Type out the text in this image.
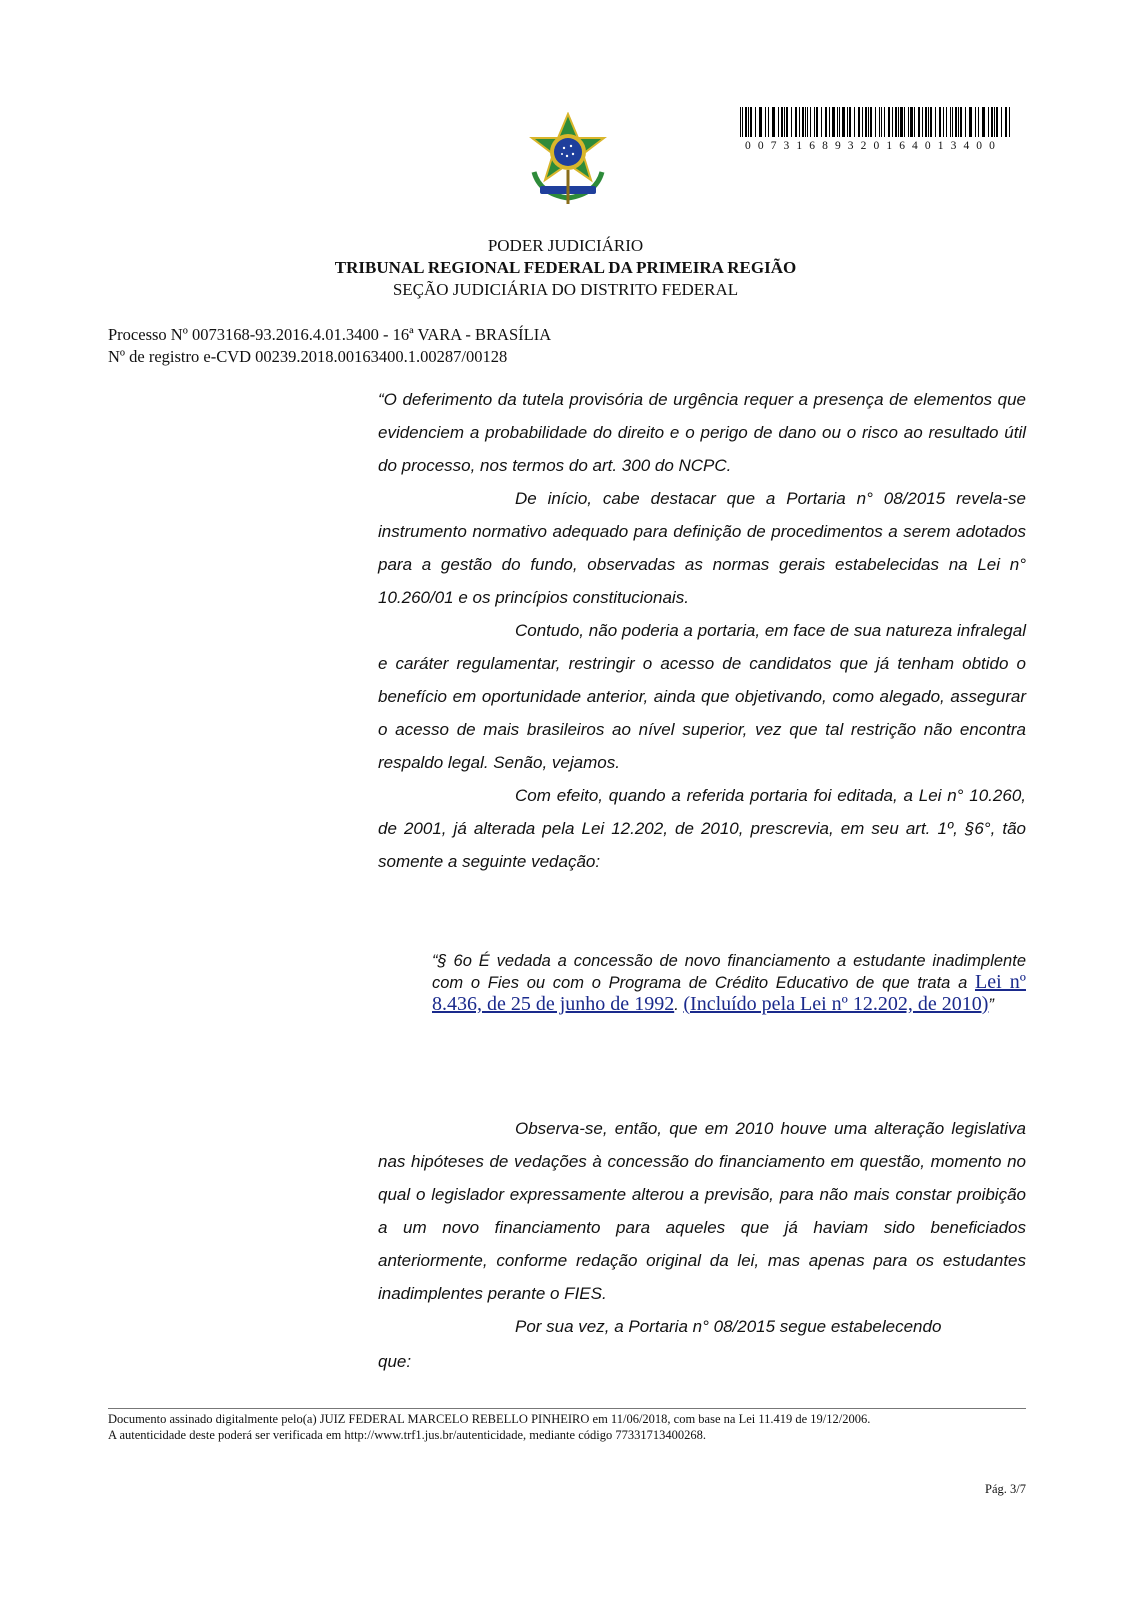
00731689320164013400
PODER JUDICIÁRIO
TRIBUNAL REGIONAL FEDERAL DA PRIMEIRA REGIÃO
SEÇÃO JUDICIÁRIA DO DISTRITO FEDERAL
Processo Nº 0073168-93.2016.4.01.3400 - 16ª VARA - BRASÍLIA
Nº de registro e-CVD 00239.2018.00163400.1.00287/00128

“O deferimento da tutela provisória de urgência requer a presença de elementos que evidenciem a probabilidade do direito e o perigo de dano ou o risco ao resultado útil do processo, nos termos do art. 300 do NCPC.

De início, cabe destacar que a Portaria n° 08/2015 revela-se instrumento normativo adequado para definição de procedimentos a serem adotados para a gestão do fundo, observadas as normas gerais estabelecidas na Lei n° 10.260/01 e os princípios constitucionais.

Contudo, não poderia a portaria, em face de sua natureza infralegal e caráter regulamentar, restringir o acesso de candidatos que já tenham obtido o benefício em oportunidade anterior, ainda que objetivando, como alegado, assegurar o acesso de mais brasileiros ao nível superior, vez que tal restrição não encontra respaldo legal. Senão, vejamos.

Com efeito, quando a referida portaria foi editada, a Lei n° 10.260, de 2001, já alterada pela Lei 12.202, de 2010, prescrevia, em seu art. 1º, §6°, tão somente a seguinte vedação:

“§ 6o É vedada a concessão de novo financiamento a estudante inadimplente com o Fies ou com o Programa de Crédito Educativo de que trata a Lei nº 8.436, de 25 de junho de 1992. (Incluído pela Lei nº 12.202, de 2010)”

Observa-se, então, que em 2010 houve uma alteração legislativa nas hipóteses de vedações à concessão do financiamento em questão, momento no qual o legislador expressamente alterou a previsão, para não mais constar proibição a um novo financiamento para aqueles que já haviam sido beneficiados anteriormente, conforme redação original da lei, mas apenas para os estudantes inadimplentes perante o FIES.

Por sua vez, a Portaria n° 08/2015 segue estabelecendo

que:

Documento assinado digitalmente pelo(a) JUIZ FEDERAL MARCELO REBELLO PINHEIRO em 11/06/2018, com base na Lei 11.419 de 19/12/2006.
A autenticidade deste poderá ser verificada em http://www.trf1.jus.br/autenticidade, mediante código 77331713400268.
Pág. 3/7
